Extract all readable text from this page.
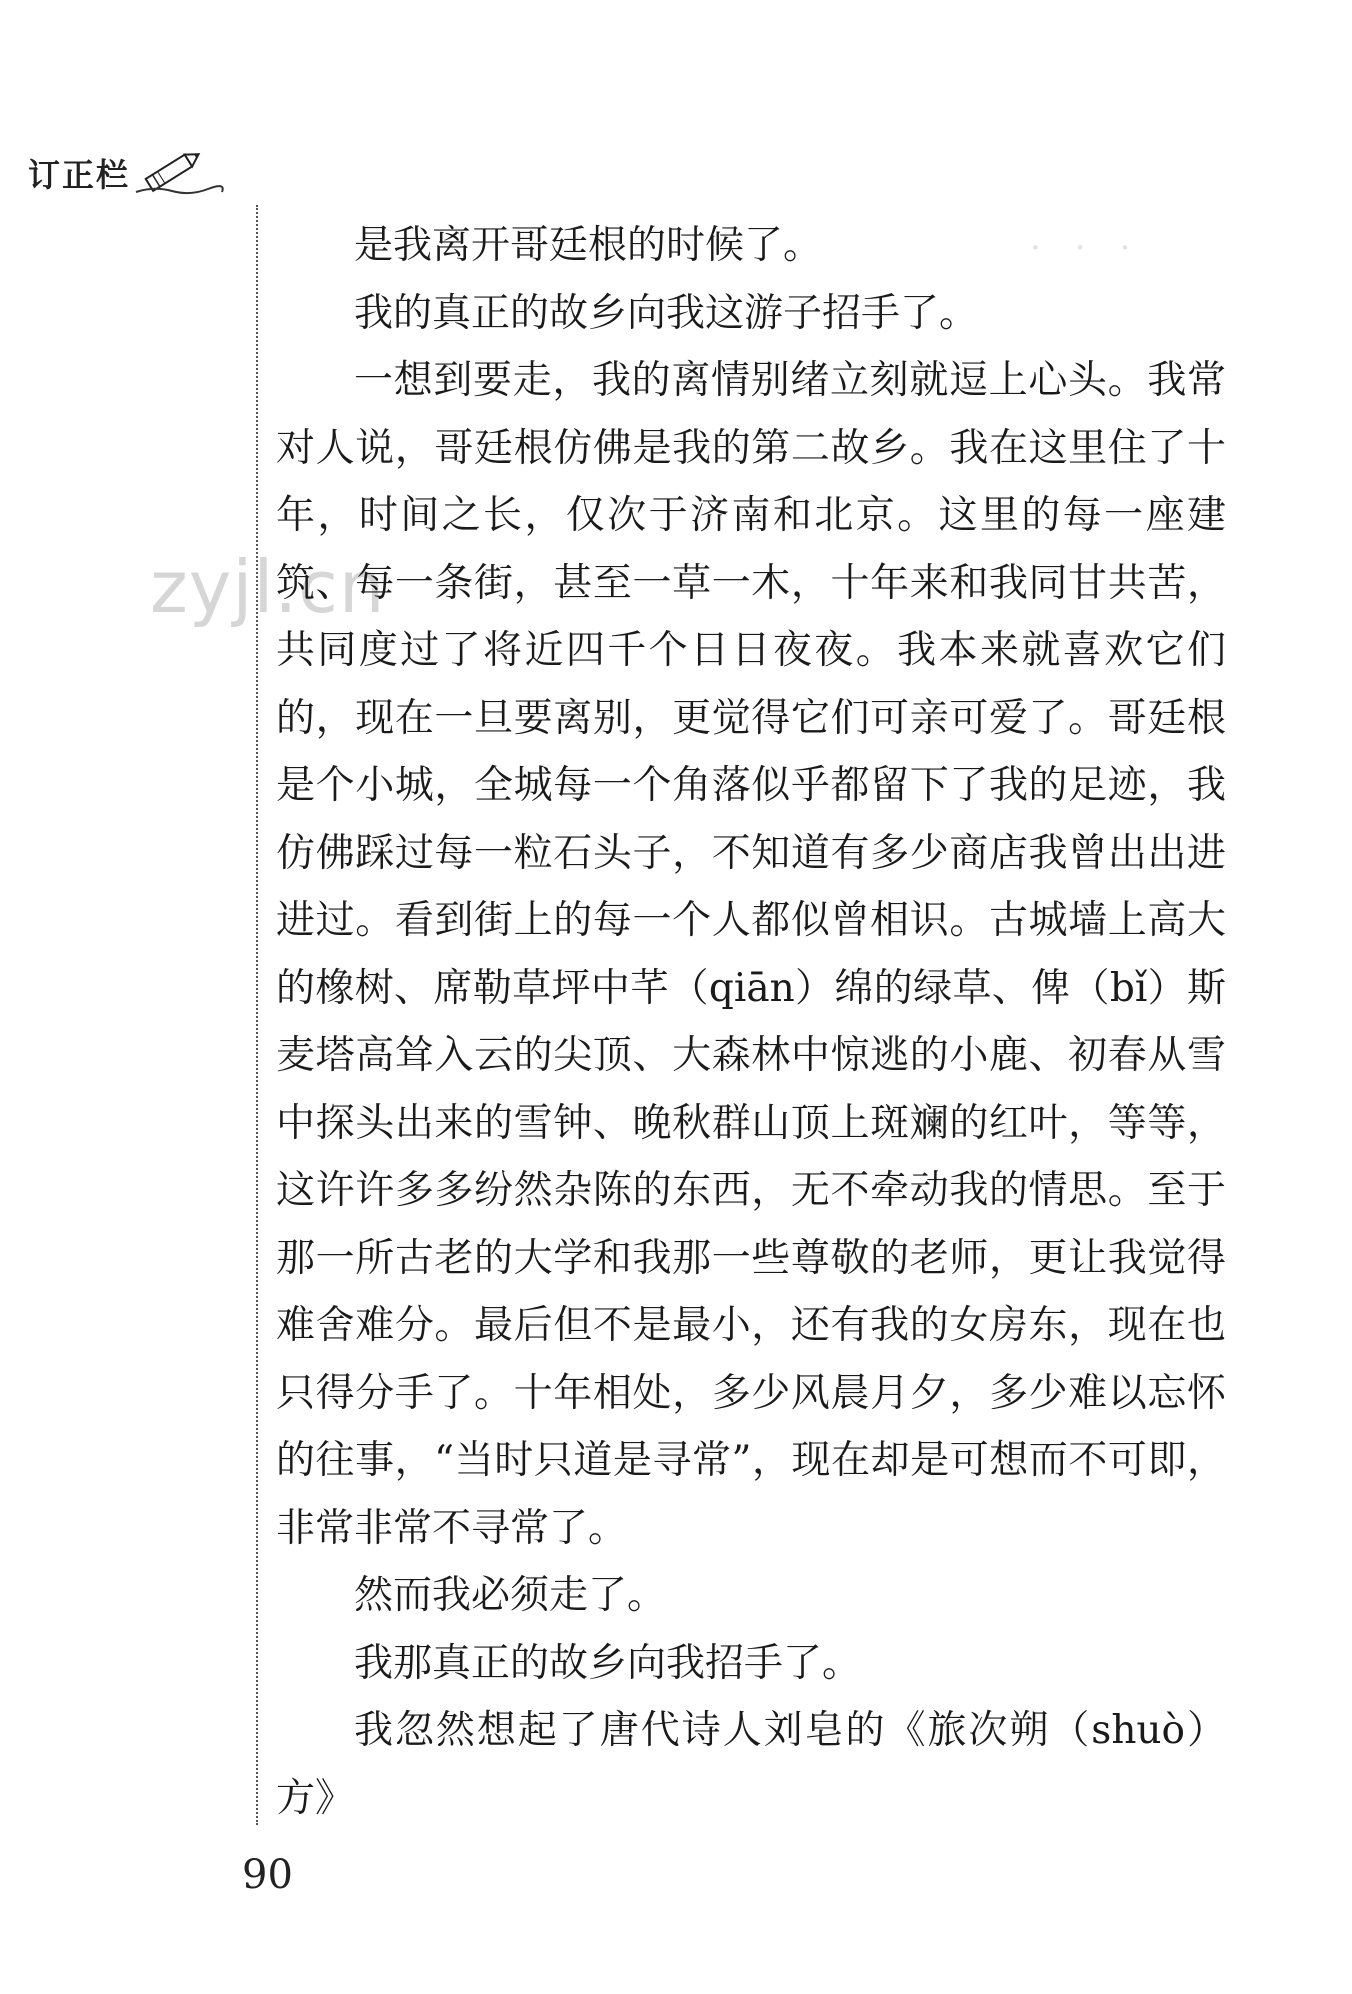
订正栏
·　·　·
zyjl.cn

是我离开哥廷根的时候了。

我的真正的故乡向我这游子招手了。

一想到要走，我的离情别绪立刻就逗上心头。我常对人说，哥廷根仿佛是我的第二故乡。我在这里住了十年，时间之长，仅次于济南和北京。这里的每一座建筑、每一条街，甚至一草一木，十年来和我同甘共苦，共同度过了将近四千个日日夜夜。我本来就喜欢它们的，现在一旦要离别，更觉得它们可亲可爱了。哥廷根是个小城，全城每一个角落似乎都留下了我的足迹，我仿佛踩过每一粒石头子，不知道有多少商店我曾出出进进过。看到街上的每一个人都似曾相识。古城墙上高大的橡树、席勒草坪中芊（qiān）绵的绿草、俾（bǐ）斯麦塔高耸入云的尖顶、大森林中惊逃的小鹿、初春从雪中探头出来的雪钟、晚秋群山顶上斑斓的红叶，等等，这许许多多纷然杂陈的东西，无不牵动我的情思。至于那一所古老的大学和我那一些尊敬的老师，更让我觉得难舍难分。最后但不是最小，还有我的女房东，现在也只得分手了。十年相处，多少风晨月夕，多少难以忘怀的往事，“当时只道是寻常”，现在却是可想而不可即，非常非常不寻常了。

然而我必须走了。

我那真正的故乡向我招手了。

我忽然想起了唐代诗人刘皂的《旅次朔（shuò）方》

90
